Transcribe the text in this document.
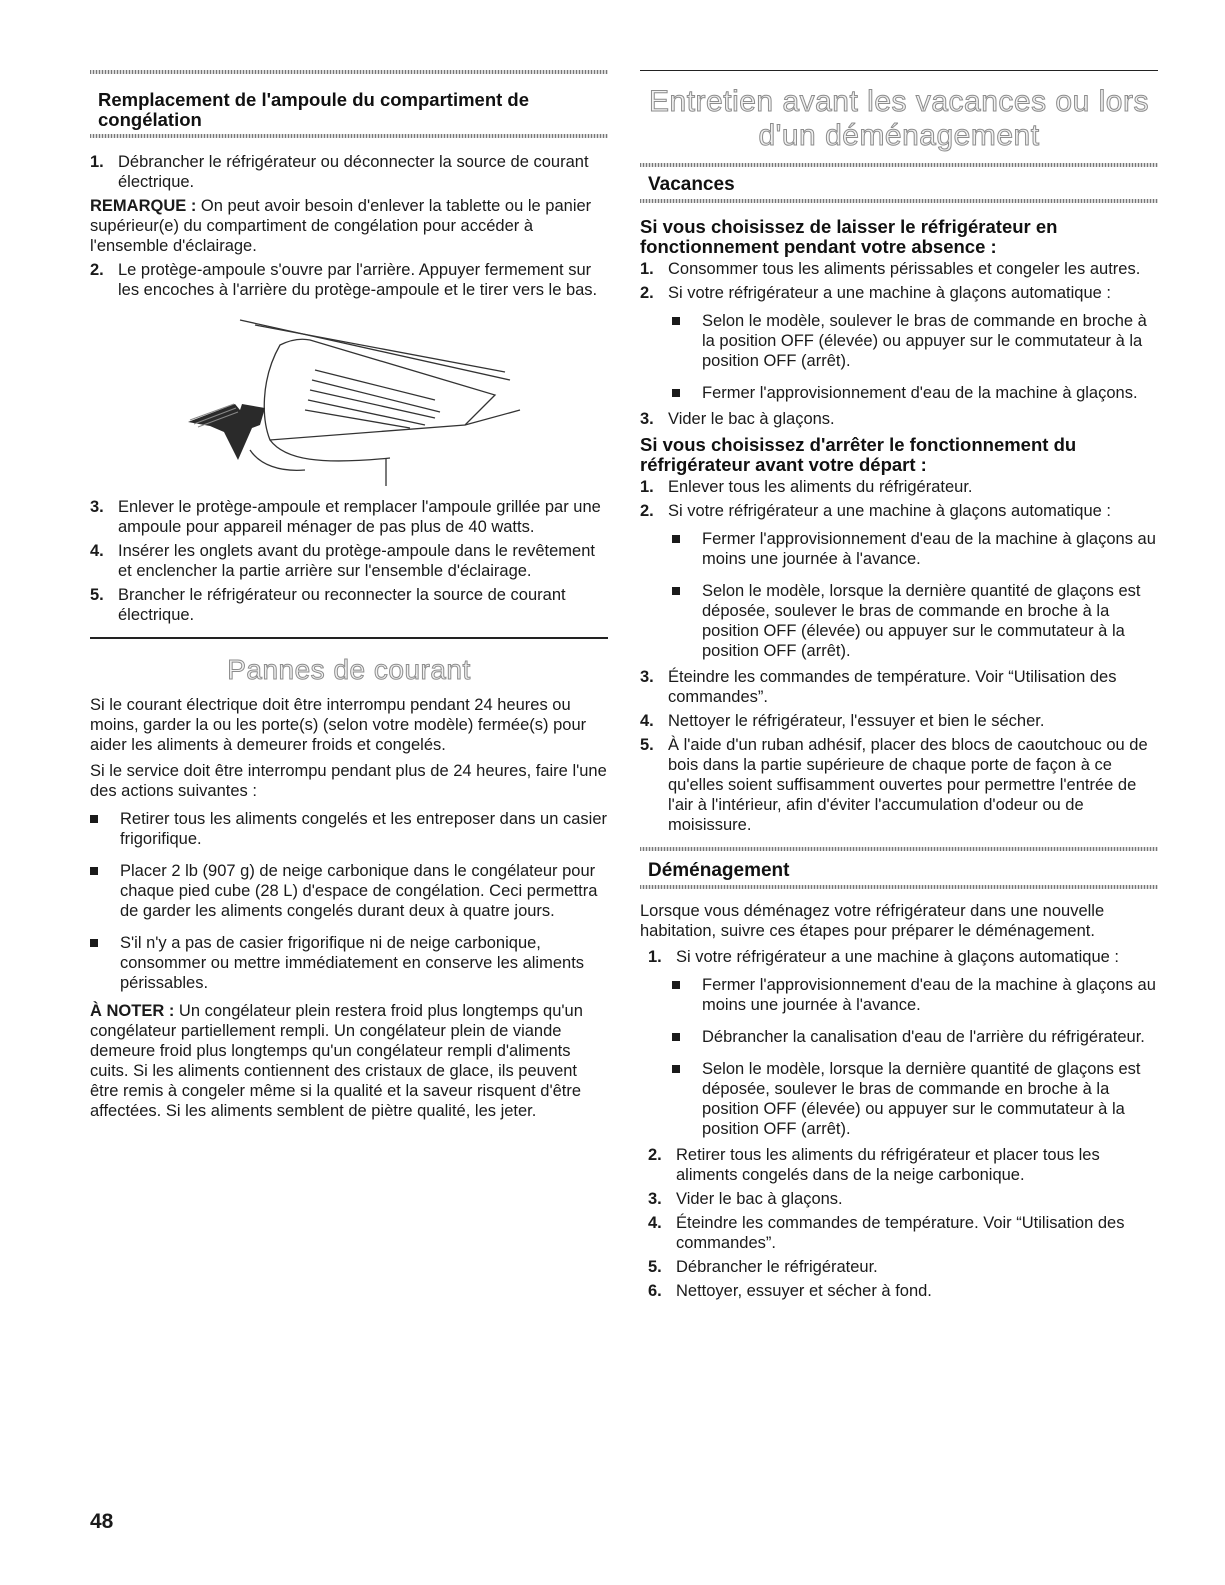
Remplacement de l'ampoule du compartiment de congélation
1. Débrancher le réfrigérateur ou déconnecter la source de courant électrique.

REMARQUE : On peut avoir besoin d'enlever la tablette ou le panier supérieur(e) du compartiment de congélation pour accéder à l'ensemble d'éclairage.

2. Le protège-ampoule s'ouvre par l'arrière. Appuyer fermement sur les encoches à l'arrière du protège-ampoule et le tirer vers le bas.
3. Enlever le protège-ampoule et remplacer l'ampoule grillée par une ampoule pour appareil ménager de pas plus de 40 watts.
4. Insérer les onglets avant du protège-ampoule dans le revêtement et enclencher la partie arrière sur l'ensemble d'éclairage.
5. Brancher le réfrigérateur ou reconnecter la source de courant électrique.
Pannes de courant

Si le courant électrique doit être interrompu pendant 24 heures ou moins, garder la ou les porte(s) (selon votre modèle) fermée(s) pour aider les aliments à demeurer froids et congelés.

Si le service doit être interrompu pendant plus de 24 heures, faire l'une des actions suivantes :

Retirer tous les aliments congelés et les entreposer dans un casier frigorifique.
Placer 2 lb (907 g) de neige carbonique dans le congélateur pour chaque pied cube (28 L) d'espace de congélation. Ceci permettra de garder les aliments congelés durant deux à quatre jours.
S'il n'y a pas de casier frigorifique ni de neige carbonique, consommer ou mettre immédiatement en conserve les aliments périssables.

À NOTER : Un congélateur plein restera froid plus longtemps qu'un congélateur partiellement rempli. Un congélateur plein de viande demeure froid plus longtemps qu'un congélateur rempli d'aliments cuits. Si les aliments contiennent des cristaux de glace, ils peuvent être remis à congeler même si la qualité et la saveur risquent d'être affectées. Si les aliments semblent de piètre qualité, les jeter.

Entretien avant les vacances ou lors
d'un déménagement
Vacances
Si vous choisissez de laisser le réfrigérateur en fonctionnement pendant votre absence :
1. Consommer tous les aliments périssables et congeler les autres.
2. Si votre réfrigérateur a une machine à glaçons automatique :
Selon le modèle, soulever le bras de commande en broche à la position OFF (élevée) ou appuyer sur le commutateur à la position OFF (arrêt).
Fermer l'approvisionnement d'eau de la machine à glaçons.
3. Vider le bac à glaçons.
Si vous choisissez d'arrêter le fonctionnement du réfrigérateur avant votre départ :
1. Enlever tous les aliments du réfrigérateur.
2. Si votre réfrigérateur a une machine à glaçons automatique :
Fermer l'approvisionnement d'eau de la machine à glaçons au moins une journée à l'avance.
Selon le modèle, lorsque la dernière quantité de glaçons est déposée, soulever le bras de commande en broche à la position OFF (élevée) ou appuyer sur le commutateur à la position OFF (arrêt).
3. Éteindre les commandes de température. Voir “Utilisation des commandes”.
4. Nettoyer le réfrigérateur, l'essuyer et bien le sécher.
5. À l'aide d'un ruban adhésif, placer des blocs de caoutchouc ou de bois dans la partie supérieure de chaque porte de façon à ce qu'elles soient suffisamment ouvertes pour permettre l'entrée de l'air à l'intérieur, afin d'éviter l'accumulation d'odeur ou de moisissure.
Déménagement

Lorsque vous déménagez votre réfrigérateur dans une nouvelle habitation, suivre ces étapes pour préparer le déménagement.

1. Si votre réfrigérateur a une machine à glaçons automatique :
Fermer l'approvisionnement d'eau de la machine à glaçons au moins une journée à l'avance.
Débrancher la canalisation d'eau de l'arrière du réfrigérateur.
Selon le modèle, lorsque la dernière quantité de glaçons est déposée, soulever le bras de commande en broche à la position OFF (élevée) ou appuyer sur le commutateur à la position OFF (arrêt).
2. Retirer tous les aliments du réfrigérateur et placer tous les aliments congelés dans de la neige carbonique.
3. Vider le bac à glaçons.
4. Éteindre les commandes de température. Voir “Utilisation des commandes”.
5. Débrancher le réfrigérateur.
6. Nettoyer, essuyer et sécher à fond.
48
